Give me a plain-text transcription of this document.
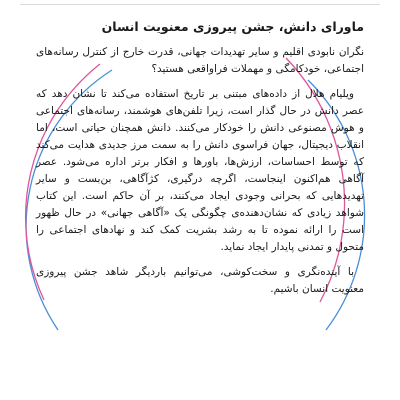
ماورای دانش، جشن پیروزی معنویت انسان

نگران نابودی اقلیم و سایر تهدیدات جهانی، قدرت خارج از کنترل رسانه‌های اجتماعی، خودکامگی و مهملات فراواقعی هستید؟

ویلیام هلال از داده‌های مبتنی بر تاریخ استفاده می‌کند تا نشان دهد که عصر دانش در حال گذار است، زیرا تلفن‌های هوشمند، رسانه‌های اجتماعی و هوش مصنوعی دانش را خودکار می‌کنند. دانش همچنان حیاتی است، اما انقلاب دیجیتال، جهان فراسوی دانش را به سمت مرز جدیدی هدایت می‌کند که توسط احساسات، ارزش‌ها، باورها و افکار برتر اداره می‌شود. عصر آگاهی هم‌اکنون اینجاست، اگرچه درگیری، کژآگاهی، بن‌بست و سایر تهدیدهایی که بحرانی وجودی ایجاد می‌کنند، بر آن حاکم است. این کتاب شواهد زیادی که نشان‌دهنده‌ی چگونگی یک «آگاهی جهانی» در حال ظهور است را ارائه نموده تا به رشد بشریت کمک کند و نهادهای اجتماعی را متحول و تمدنی پایدار ایجاد نماید.

با آینده‌نگری و سخت‌کوشی، می‌توانیم باردیگر شاهد جشن پیروزی معنویت انسان باشیم.
